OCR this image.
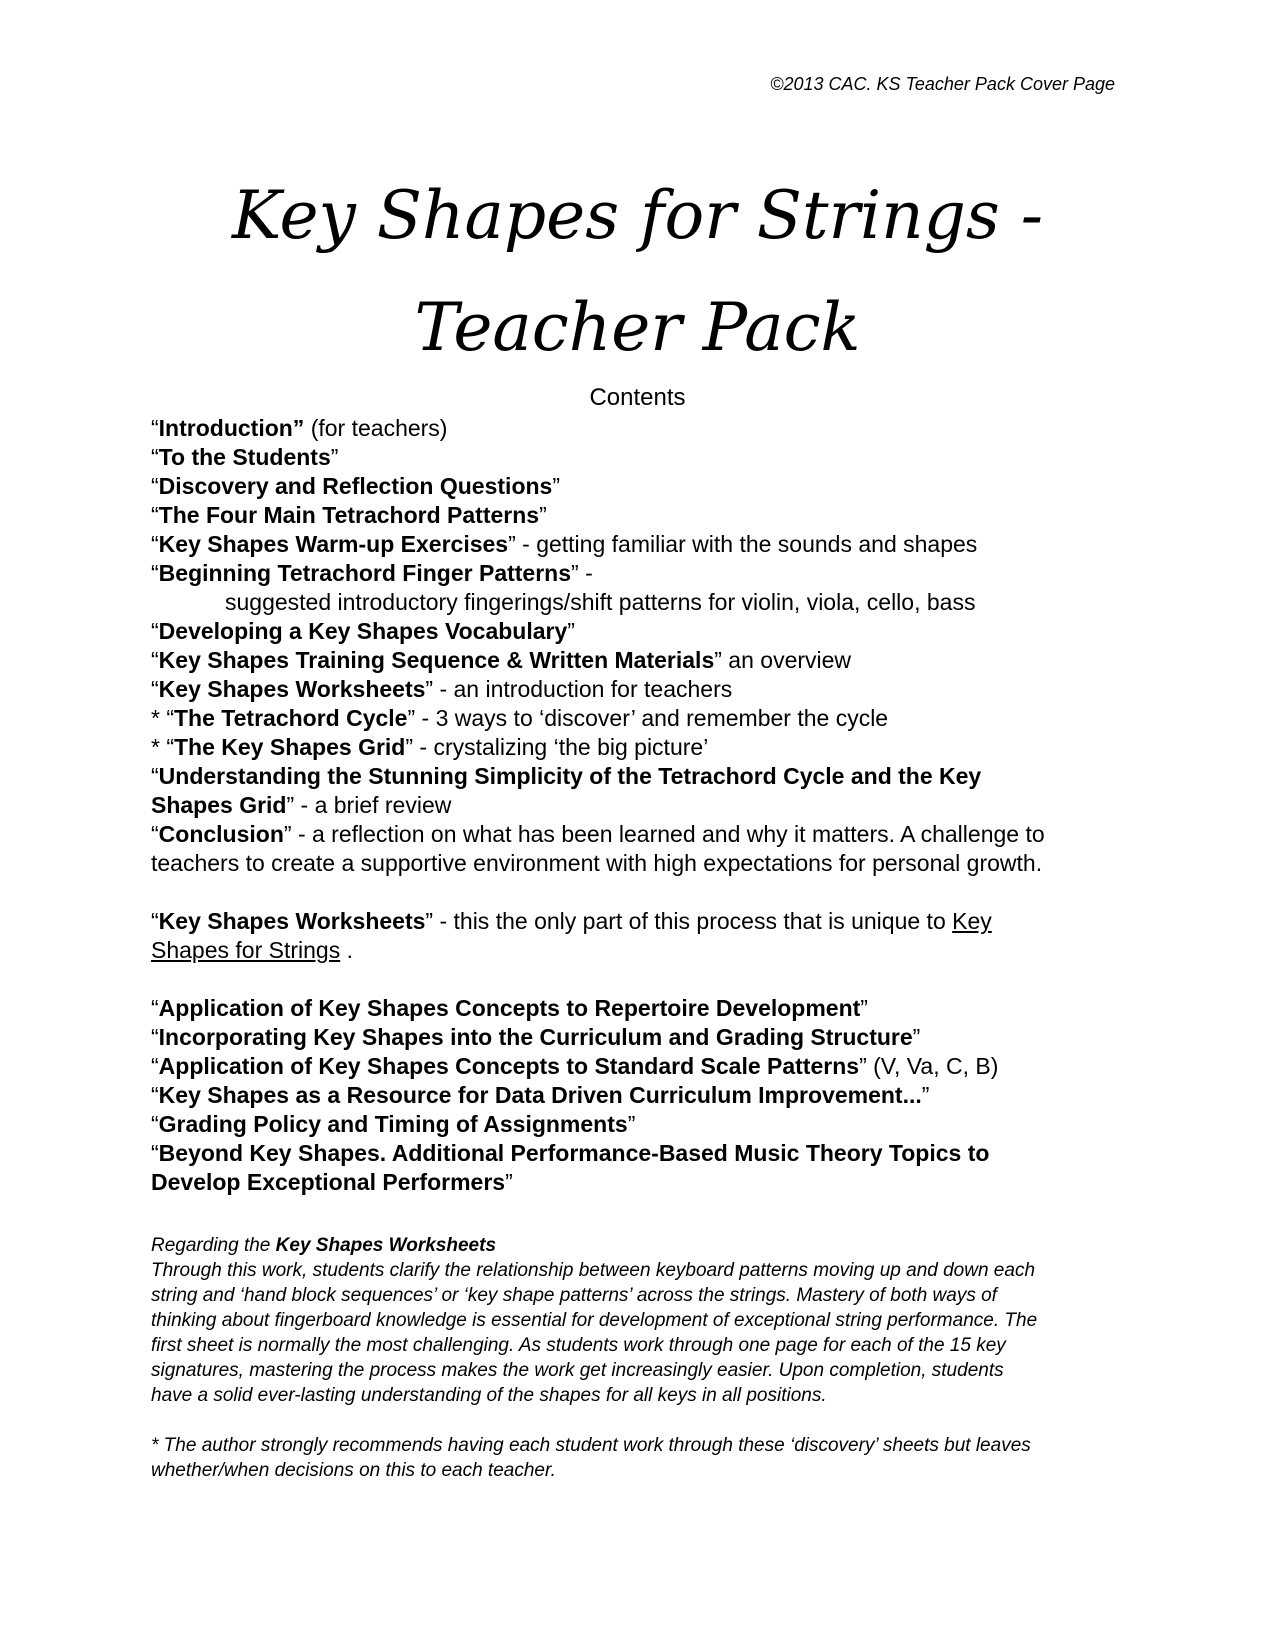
©2013 CAC. KS Teacher Pack Cover Page
Key Shapes for Strings -
Teacher Pack
Contents

“Introduction” (for teachers)

“To the Students”

“Discovery and Reflection Questions”

“The Four Main Tetrachord Patterns”

“Key Shapes Warm-up Exercises” - getting familiar with the sounds and shapes

“Beginning Tetrachord Finger Patterns” -

suggested introductory fingerings/shift patterns for violin, viola, cello, bass

“Developing a Key Shapes Vocabulary”

“Key Shapes Training Sequence & Written Materials” an overview

“Key Shapes Worksheets” - an introduction for teachers

* “The Tetrachord Cycle” - 3 ways to ‘discover’ and remember the cycle

* “The Key Shapes Grid” - crystalizing ‘the big picture’

“Understanding the Stunning Simplicity of the Tetrachord Cycle and the Key

Shapes Grid” - a brief review

“Conclusion” - a reflection on what has been learned and why it matters. A challenge to

teachers to create a supportive environment with high expectations for personal growth.

“Key Shapes Worksheets” - this the only part of this process that is unique to Key

Shapes for Strings .

“Application of Key Shapes Concepts to Repertoire Development”

“Incorporating Key Shapes into the Curriculum and Grading Structure”

“Application of Key Shapes Concepts to Standard Scale Patterns” (V, Va, C, B)

“Key Shapes as a Resource for Data Driven Curriculum Improvement...”

“Grading Policy and Timing of Assignments”

“Beyond Key Shapes. Additional Performance-Based Music Theory Topics to

Develop Exceptional Performers”

Regarding the Key Shapes Worksheets

Through this work, students clarify the relationship between keyboard patterns moving up and down each

string and ‘hand block sequences’ or ‘key shape patterns’ across the strings. Mastery of both ways of

thinking about fingerboard knowledge is essential for development of exceptional string performance. The

first sheet is normally the most challenging. As students work through one page for each of the 15 key

signatures, mastering the process makes the work get increasingly easier. Upon completion, students

have a solid ever-lasting understanding of the shapes for all keys in all positions.

* The author strongly recommends having each student work through these ‘discovery’ sheets but leaves

whether/when decisions on this to each teacher.
